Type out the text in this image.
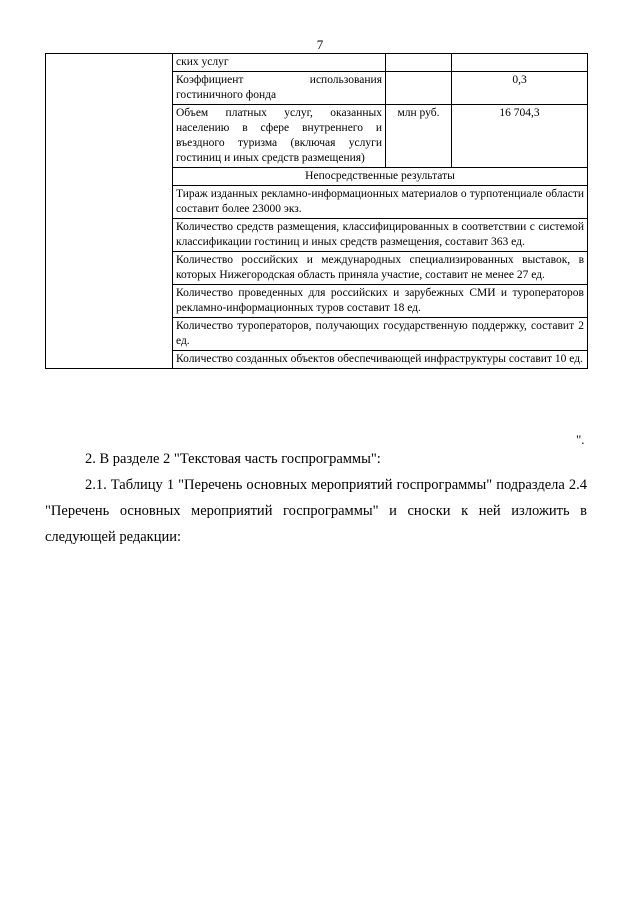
7
	ских услуг		
	Коэффициент использования гостиничного фонда		0,3
	Объем платных услуг, оказанных населению в сфере внутреннего и въездного туризма (включая услуги гостиниц и иных средств размещения)	млн руб.	16 704,3
	Непосредственные результаты		
	Тираж изданных рекламно-информационных материалов о турпотенциале области составит более 23000 экз.		
	Количество средств размещения, классифицированных в соответствии с системой классификации гостиниц и иных средств размещения, составит 363 ед.		
	Количество российских и международных специализированных выставок, в которых Нижегородская область приняла участие, составит не менее 27 ед.		
	Количество проведенных для российских и зарубежных СМИ и туроператоров рекламно-информационных туров составит 18 ед.		
	Количество туроператоров, получающих государственную поддержку, составит 2 ед.		
	Количество созданных объектов обеспечивающей инфраструктуры составит 10 ед.		
".

2. В разделе 2 "Текстовая часть госпрограммы":

2.1. Таблицу 1 "Перечень основных мероприятий госпрограммы" подраздела 2.4 "Перечень основных мероприятий госпрограммы" и сноски к ней изложить в следующей редакции:
